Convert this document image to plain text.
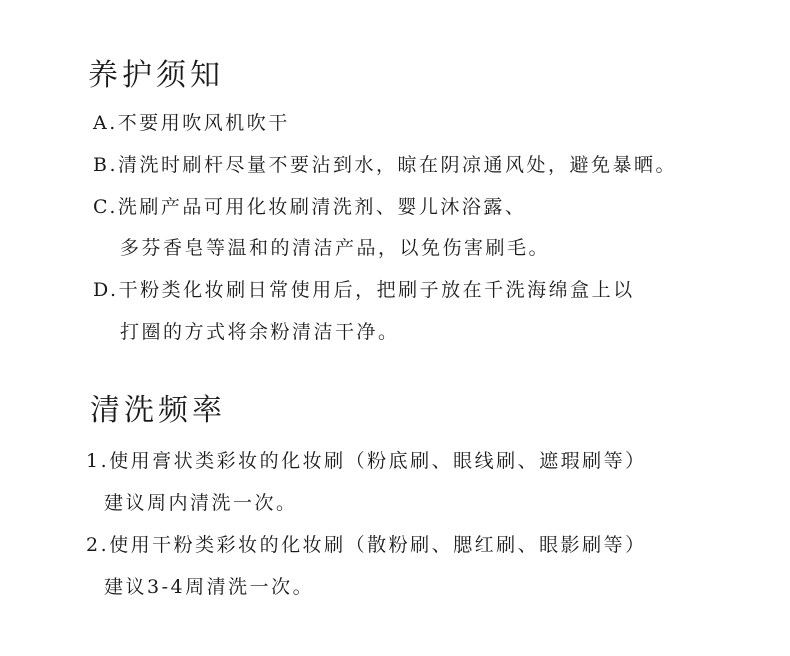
养护须知
A.不要用吹风机吹干
B.清洗时刷杆尽量不要沾到水，晾在阴凉通风处，避免暴晒。
C.洗刷产品可用化妆刷清洗剂、婴儿沐浴露、
多芬香皂等温和的清洁产品，以免伤害刷毛。
D.干粉类化妆刷日常使用后，把刷子放在千洗海绵盒上以
打圈的方式将余粉清洁干净。
清洗频率
1.使用膏状类彩妆的化妆刷（粉底刷、眼线刷、遮瑕刷等）
建议周内清洗一次。
2.使用干粉类彩妆的化妆刷（散粉刷、腮红刷、眼影刷等）
建议3-4周清洗一次。
